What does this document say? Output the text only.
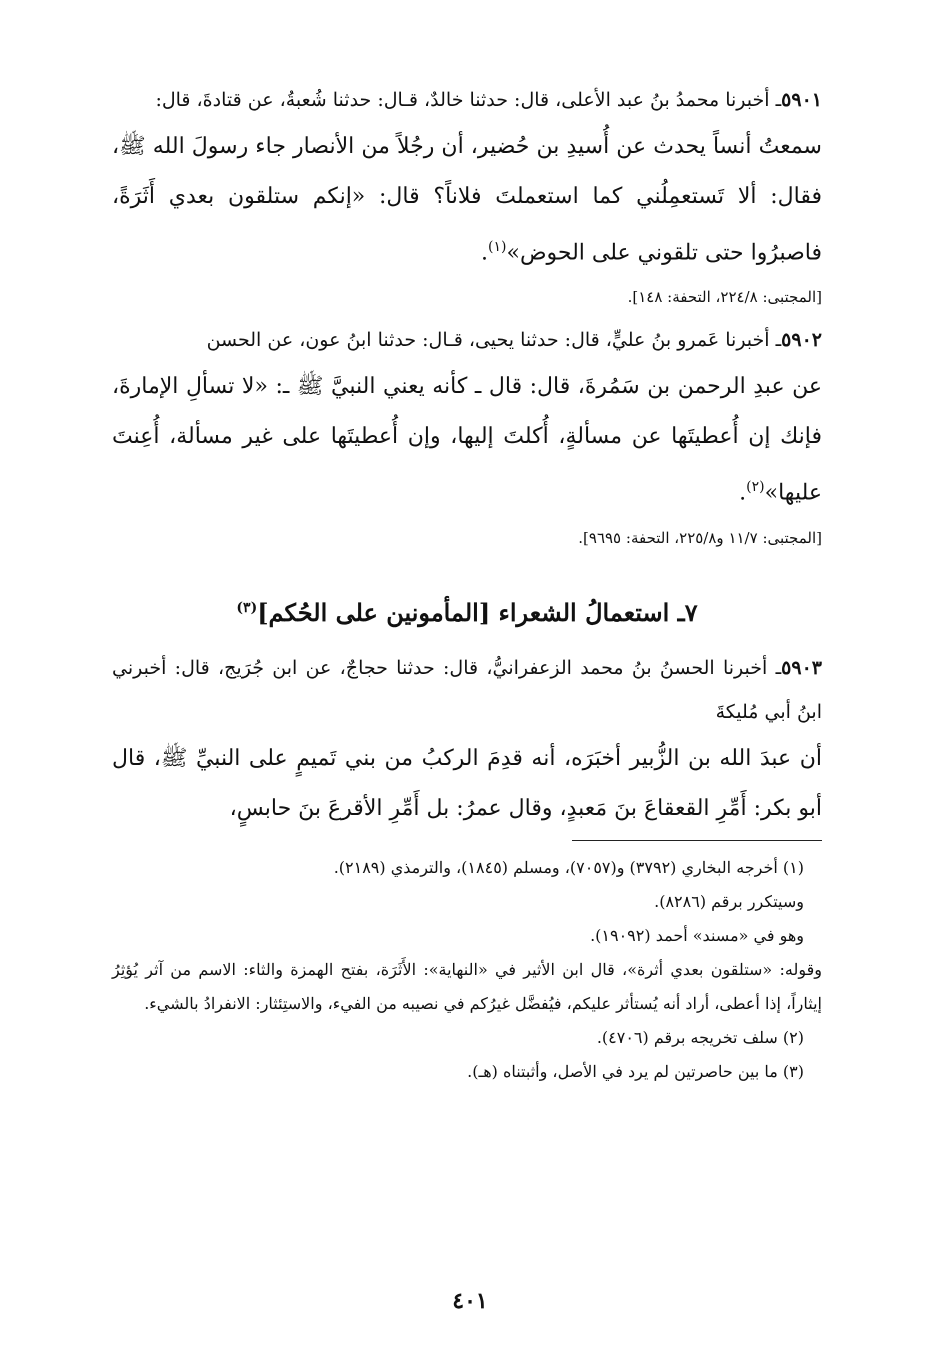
٥٩٠١ـ أخبرنا محمدُ بنُ عبد الأعلى، قال: حدثنا خالدٌ، قـال: حدثنا شُعبةُ، عن قتادةَ، قال:

سمعتُ أنساً يحدث عن أُسيدِ بن حُضير، أن رجُلاً من الأنصار جاء رسولَ الله ﷺ، فقال: ألا تَستعمِلُني كما استعملتَ فلاناً؟ قال: «إنكم ستلقون بعدي أَثَرَةً، فاصبرُوا حتى تلقوني على الحوض»$^{(١)}$.

[المجتبى: ٢٢٤/٨، التحفة: ١٤٨].

٥٩٠٢ـ أخبرنا عَمرو بنُ عليٍّ، قال: حدثنا يحيى، قـال: حدثنا ابنُ عون، عن الحسن

عن عبدِ الرحمن بن سَمُرةَ، قال: قال ـ كأنه يعني النبيَّ ﷺ ـ: «لا تسألِ الإمارةَ، فإنك إن أُعطيتَها عن مسألةٍ، أُكلتَ إليها، وإن أُعطيتَها على غير مسألة، أُعِنتَ عليها»$^{(٢)}$.

[المجتبى: ١١/٧ و٢٢٥/٨، التحفة: ٩٦٩٥].

٧ـ استعمالُ الشعراء [المأمونين على الحُكم]$^{(٣)}$

٥٩٠٣ـ أخبرنا الحسنُ بنُ محمد الزعفرانيُّ، قال: حدثنا حجاجٌ، عن ابن جُرَيج، قال: أخبرني ابنُ أبي مُليكةَ

أن عبدَ الله بن الزُّبير أخبَرَه، أنه قدِمَ الركبُ من بني تَميمٍ على النبيِّ ﷺ، قال أبو بكر: أَمِّرِ القعقاعَ بنَ مَعبدٍ، وقال عمرُ: بل أَمِّرِ الأقرعَ بنَ حابسٍ،

(١) أخرجه البخاري (٣٧٩٢) و(٧٠٥٧)، ومسلم (١٨٤٥)، والترمذي (٢١٨٩).

وسيتكرر برقم (٨٢٨٦).

وهو في «مسند» أحمد (١٩٠٩٢).

وقوله: «ستلقون بعدي أثرة»، قال ابن الأثير في «النهاية»: الأَثَرَة، بفتح الهمزة والثاء: الاسم من آثر يُؤثِرُ إيثاراً، إذا أعطى، أراد أنه يُستأثر عليكم، فيُفضَّل غيرُكم في نصيبه من الفيء، والاستِئثار: الانفرادُ بالشيء.

(٢) سلف تخريجه برقم (٤٧٠٦).

(٣) ما بين حاصرتين لم يرد في الأصل، وأثبتناه (هـ).

٤٠١
